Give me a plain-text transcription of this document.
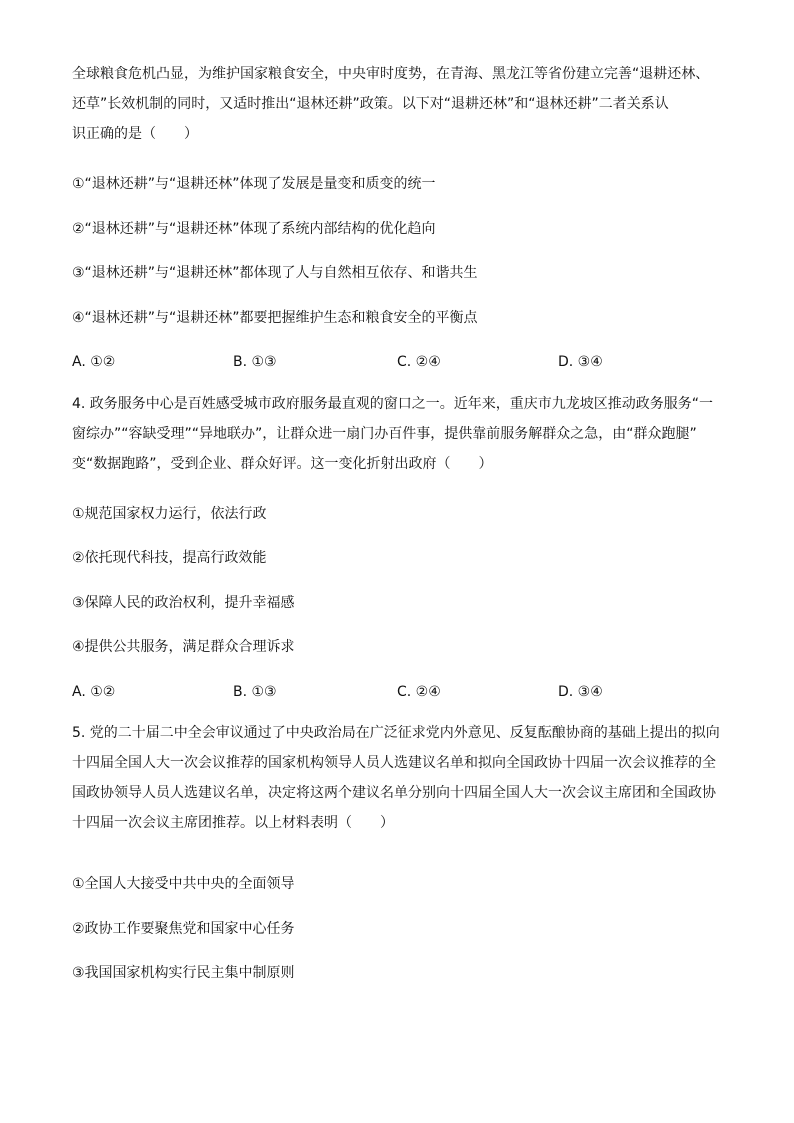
全球粮食危机凸显，为维护国家粮食安全，中央审时度势，在青海、黑龙江等省份建立完善“退耕还林、
还草”长效机制的同时，又适时推出“退林还耕”政策。以下对“退耕还林”和“退林还耕”二者关系认
识正确的是（　　）

①“退林还耕”与“退耕还林”体现了发展是量变和质变的统一

②“退林还耕”与“退耕还林”体现了系统内部结构的优化趋向

③“退林还耕”与“退耕还林”都体现了人与自然相互依存、和谐共生

④“退林还耕”与“退耕还林”都要把握维护生态和粮食安全的平衡点

A. ①②	B. ①③	C. ②④	D. ③④

4. 政务服务中心是百姓感受城市政府服务最直观的窗口之一。近年来，重庆市九龙坡区推动政务服务“一
窗综办”“容缺受理”“异地联办”，让群众进一扇门办百件事，提供靠前服务解群众之急，由“群众跑腿”
变“数据跑路”，受到企业、群众好评。这一变化折射出政府（　　）

①规范国家权力运行，依法行政

②依托现代科技，提高行政效能

③保障人民的政治权利，提升幸福感

④提供公共服务，满足群众合理诉求

A. ①②	B. ①③	C. ②④	D. ③④

5. 党的二十届二中全会审议通过了中央政治局在广泛征求党内外意见、反复酝酿协商的基础上提出的拟向
十四届全国人大一次会议推荐的国家机构领导人员人选建议名单和拟向全国政协十四届一次会议推荐的全
国政协领导人员人选建议名单，决定将这两个建议名单分别向十四届全国人大一次会议主席团和全国政协
十四届一次会议主席团推荐。以上材料表明（　　）

①全国人大接受中共中央的全面领导

②政协工作要聚焦党和国家中心任务

③我国国家机构实行民主集中制原则
